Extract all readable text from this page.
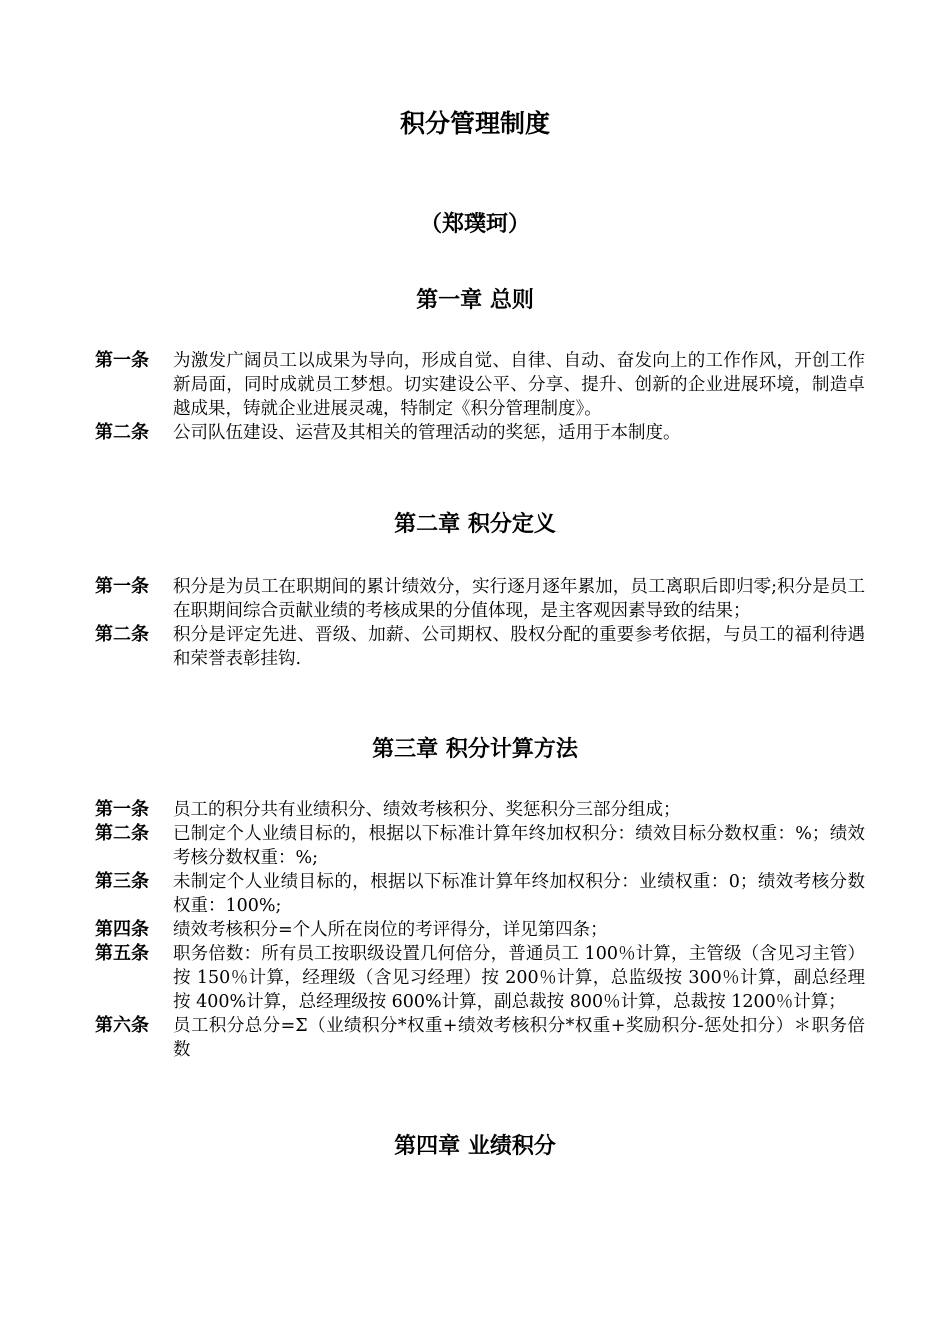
积分管理制度
（郑璞珂）
第一章 总则
第一条	为激发广阔员工以成果为导向，形成自觉、自律、自动、奋发向上的工作作风，开创工作新局面，同时成就员工梦想。切实建设公平、分享、提升、创新的企业进展环境，制造卓越成果，铸就企业进展灵魂，特制定《积分管理制度》。
第二条	公司队伍建设、运营及其相关的管理活动的奖惩，适用于本制度。
第二章 积分定义
第一条	积分是为员工在职期间的累计绩效分，实行逐月逐年累加，员工离职后即归零;积分是员工在职期间综合贡献业绩的考核成果的分值体现，是主客观因素导致的结果；
第二条	积分是评定先进、晋级、加薪、公司期权、股权分配的重要参考依据，与员工的福利待遇和荣誉表彰挂钩.
第三章 积分计算方法
第一条	员工的积分共有业绩积分、绩效考核积分、奖惩积分三部分组成；
第二条	已制定个人业绩目标的，根据以下标准计算年终加权积分：绩效目标分数权重：%；绩效考核分数权重：%;
第三条	未制定个人业绩目标的，根据以下标准计算年终加权积分：业绩权重：0；绩效考核分数权重：100%;
第四条	绩效考核积分=个人所在岗位的考评得分，详见第四条；
第五条	职务倍数：所有员工按职级设置几何倍分，普通员工 100％计算，主管级（含见习主管）按 150％计算，经理级（含见习经理）按 200％计算，总监级按 300％计算，副总经理按 400%计算，总经理级按 600%计算，副总裁按 800％计算，总裁按 1200％计算；
第六条	员工积分总分=Σ（业绩积分*权重+绩效考核积分*权重+奖励积分-惩处扣分）＊职务倍数
第四章 业绩积分
